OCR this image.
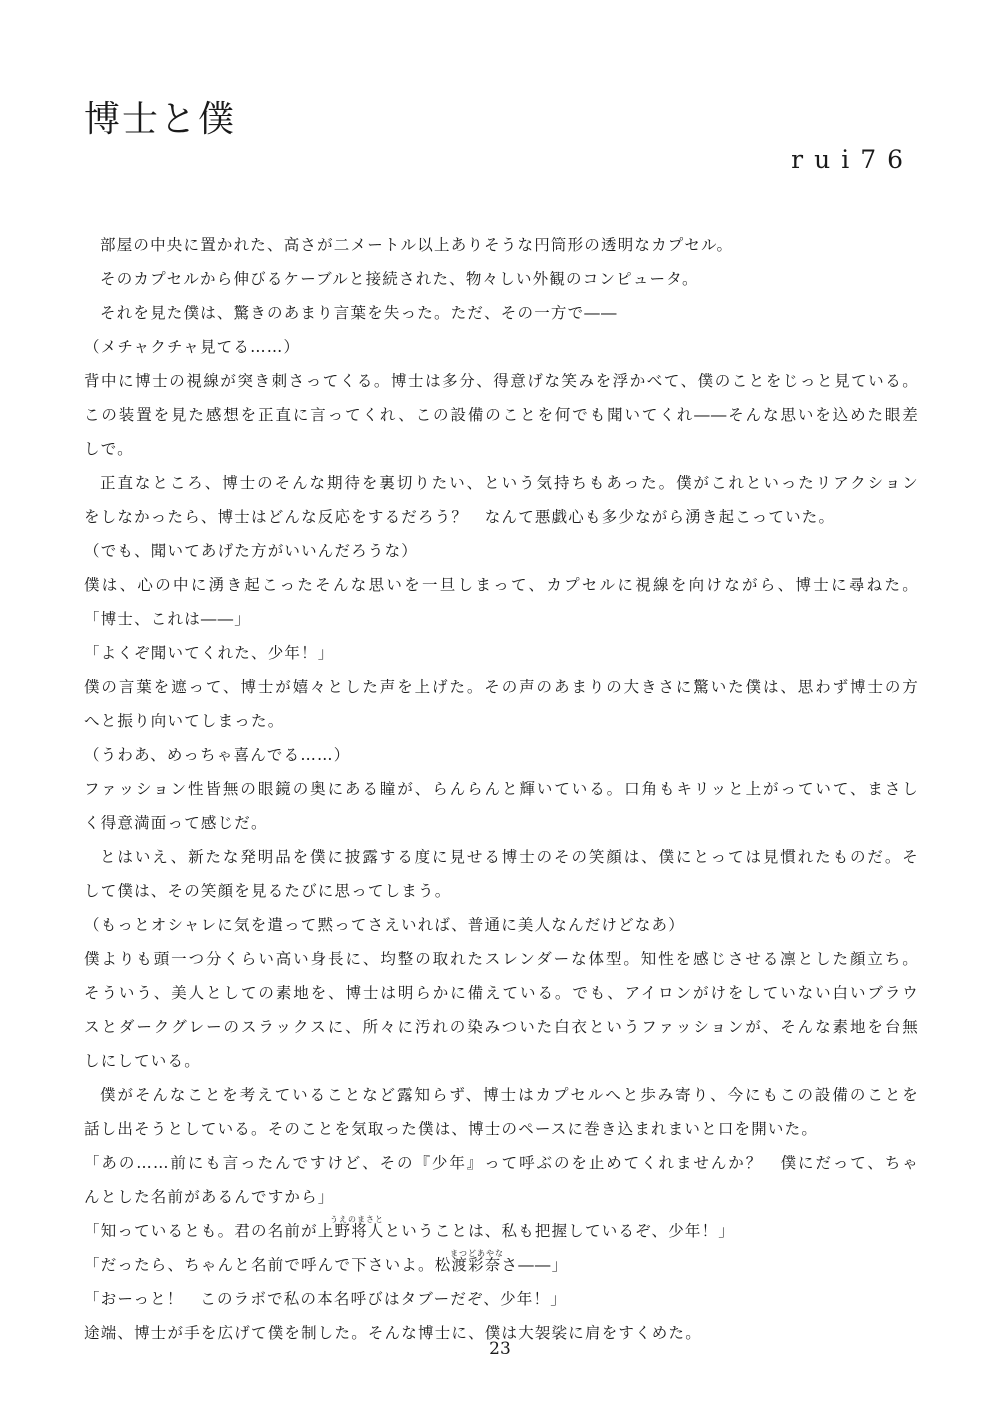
博士と僕
rui76
部屋の中央に置かれた、高さが二メートル以上ありそうな円筒形の透明なカプセル。
そのカプセルから伸びるケーブルと接続された、物々しい外観のコンピュータ。
それを見た僕は、驚きのあまり言葉を失った。ただ、その一方で――
（メチャクチャ見てる……）
背中に博士の視線が突き刺さってくる。博士は多分、得意げな笑みを浮かべて、僕のことをじっと見ている。
この装置を見た感想を正直に言ってくれ、この設備のことを何でも聞いてくれ――そんな思いを込めた眼差
しで。
正直なところ、博士のそんな期待を裏切りたい、という気持ちもあった。僕がこれといったリアクション
をしなかったら、博士はどんな反応をするだろう？　なんて悪戯心も多少ながら湧き起こっていた。
（でも、聞いてあげた方がいいんだろうな）
僕は、心の中に湧き起こったそんな思いを一旦しまって、カプセルに視線を向けながら、博士に尋ねた。
「博士、これは――」
「よくぞ聞いてくれた、少年！」
僕の言葉を遮って、博士が嬉々とした声を上げた。その声のあまりの大きさに驚いた僕は、思わず博士の方
へと振り向いてしまった。
（うわあ、めっちゃ喜んでる……）
ファッション性皆無の眼鏡の奥にある瞳が、らんらんと輝いている。口角もキリッと上がっていて、まさし
く得意満面って感じだ。
とはいえ、新たな発明品を僕に披露する度に見せる博士のその笑顔は、僕にとっては見慣れたものだ。そ
して僕は、その笑顔を見るたびに思ってしまう。
（もっとオシャレに気を遣って黙ってさえいれば、普通に美人なんだけどなあ）
僕よりも頭一つ分くらい高い身長に、均整の取れたスレンダーな体型。知性を感じさせる凛とした顔立ち。
そういう、美人としての素地を、博士は明らかに備えている。でも、アイロンがけをしていない白いブラウ
スとダークグレーのスラックスに、所々に汚れの染みついた白衣というファッションが、そんな素地を台無
しにしている。
僕がそんなことを考えていることなど露知らず、博士はカプセルへと歩み寄り、今にもこの設備のことを
話し出そうとしている。そのことを気取った僕は、博士のペースに巻き込まれまいと口を開いた。
「あの……前にも言ったんですけど、その『少年』って呼ぶのを止めてくれませんか？　僕にだって、ちゃ
んとした名前があるんですから」
うえのまさと
「知っているとも。君の名前が上野将人ということは、私も把握しているぞ、少年！」
まつどあやな
「だったら、ちゃんと名前で呼んで下さいよ。松渡彩奈さ――」
「おーっと！　このラボで私の本名呼びはタブーだぞ、少年！」
途端、博士が手を広げて僕を制した。そんな博士に、僕は大袈裟に肩をすくめた。
23
